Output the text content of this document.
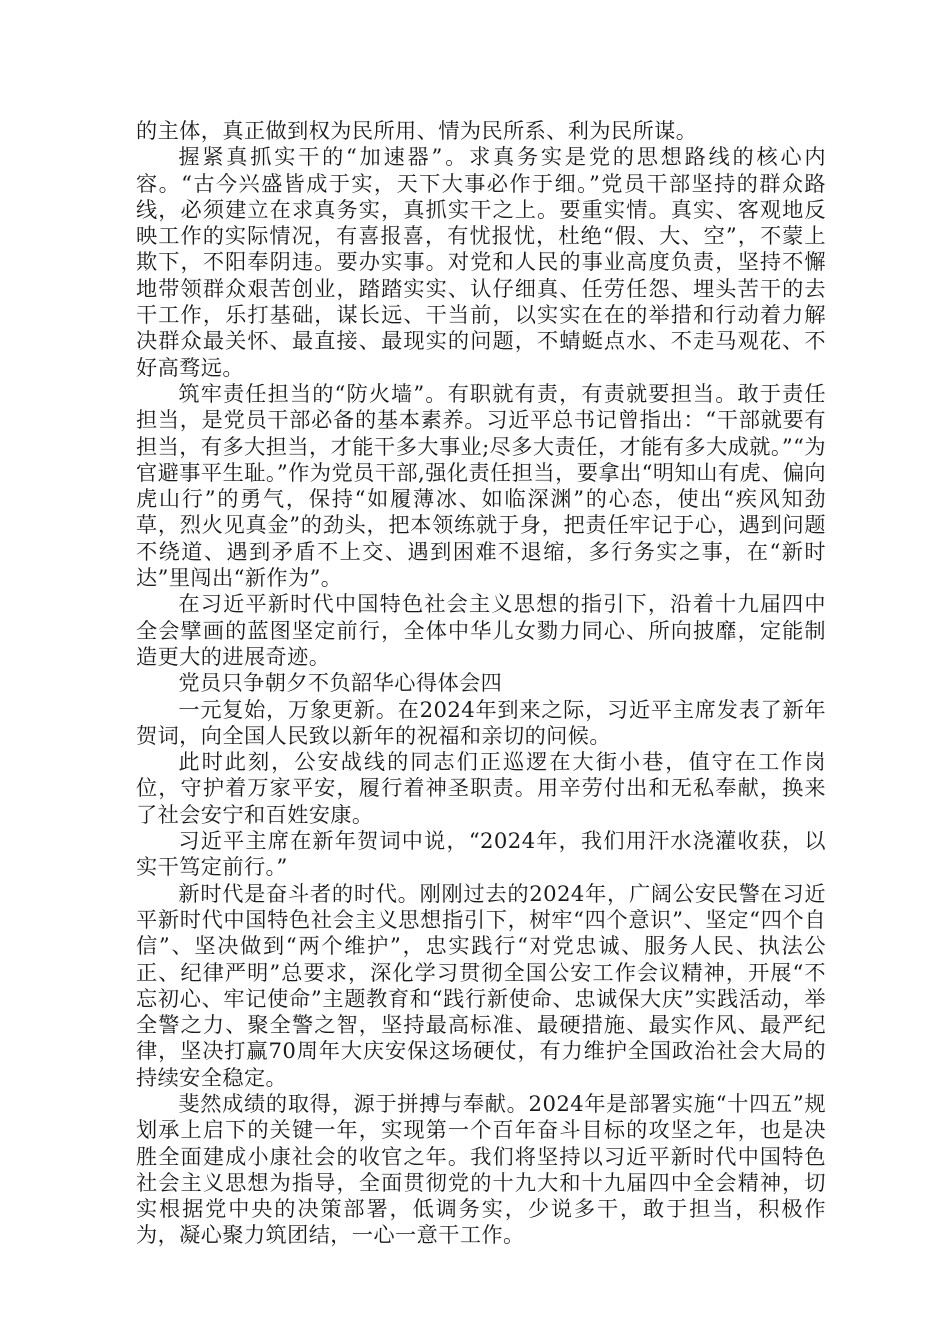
的主体，真正做到权为民所用、情为民所系、利为民所谋。

握紧真抓实干的“加速器”。求真务实是党的思想路线的核心内容。“古今兴盛皆成于实，天下大事必作于细。”党员干部坚持的群众路线，必须建立在求真务实，真抓实干之上。要重实情。真实、客观地反映工作的实际情况，有喜报喜，有忧报忧，杜绝“假、大、空”，不蒙上欺下，不阳奉阴违。要办实事。对党和人民的事业高度负责，坚持不懈地带领群众艰苦创业，踏踏实实、认仔细真、任劳任怨、埋头苦干的去干工作，乐打基础，谋长远、干当前，以实实在在的举措和行动着力解决群众最关怀、最直接、最现实的问题，不蜻蜓点水、不走马观花、不好高骛远。

筑牢责任担当的“防火墙”。有职就有责，有责就要担当。敢于责任担当，是党员干部必备的基本素养。习近平总书记曾指出：“干部就要有担当，有多大担当，才能干多大事业;尽多大责任，才能有多大成就。”“为官避事平生耻。”作为党员干部,强化责任担当，要拿出“明知山有虎、偏向虎山行”的勇气，保持“如履薄冰、如临深渊”的心态，使出“疾风知劲草，烈火见真金”的劲头，把本领练就于身，把责任牢记于心，遇到问题不绕道、遇到矛盾不上交、遇到困难不退缩，多行务实之事，在“新时达”里闯出“新作为”。

在习近平新时代中国特色社会主义思想的指引下，沿着十九届四中全会擘画的蓝图坚定前行，全体中华儿女勠力同心、所向披靡，定能制造更大的进展奇迹。

党员只争朝夕不负韶华心得体会四

一元复始，万象更新。在2024年到来之际，习近平主席发表了新年贺词，向全国人民致以新年的祝福和亲切的问候。

此时此刻，公安战线的同志们正巡逻在大街小巷，值守在工作岗位，守护着万家平安，履行着神圣职责。用辛劳付出和无私奉献，换来了社会安宁和百姓安康。

习近平主席在新年贺词中说，“2024年，我们用汗水浇灌收获，以实干笃定前行。”

新时代是奋斗者的时代。刚刚过去的2024年，广阔公安民警在习近平新时代中国特色社会主义思想指引下，树牢“四个意识”、坚定“四个自信”、坚决做到“两个维护”，忠实践行“对党忠诚、服务人民、执法公正、纪律严明”总要求，深化学习贯彻全国公安工作会议精神，开展“不忘初心、牢记使命”主题教育和“践行新使命、忠诚保大庆”实践活动，举全警之力、聚全警之智，坚持最高标准、最硬措施、最实作风、最严纪律，坚决打赢70周年大庆安保这场硬仗，有力维护全国政治社会大局的持续安全稳定。

斐然成绩的取得，源于拼搏与奉献。2024年是部署实施“十四五”规划承上启下的关键一年，实现第一个百年奋斗目标的攻坚之年，也是决胜全面建成小康社会的收官之年。我们将坚持以习近平新时代中国特色社会主义思想为指导，全面贯彻党的十九大和十九届四中全会精神，切实根据党中央的决策部署，低调务实，少说多干，敢于担当，积极作为，凝心聚力筑团结，一心一意干工作。
